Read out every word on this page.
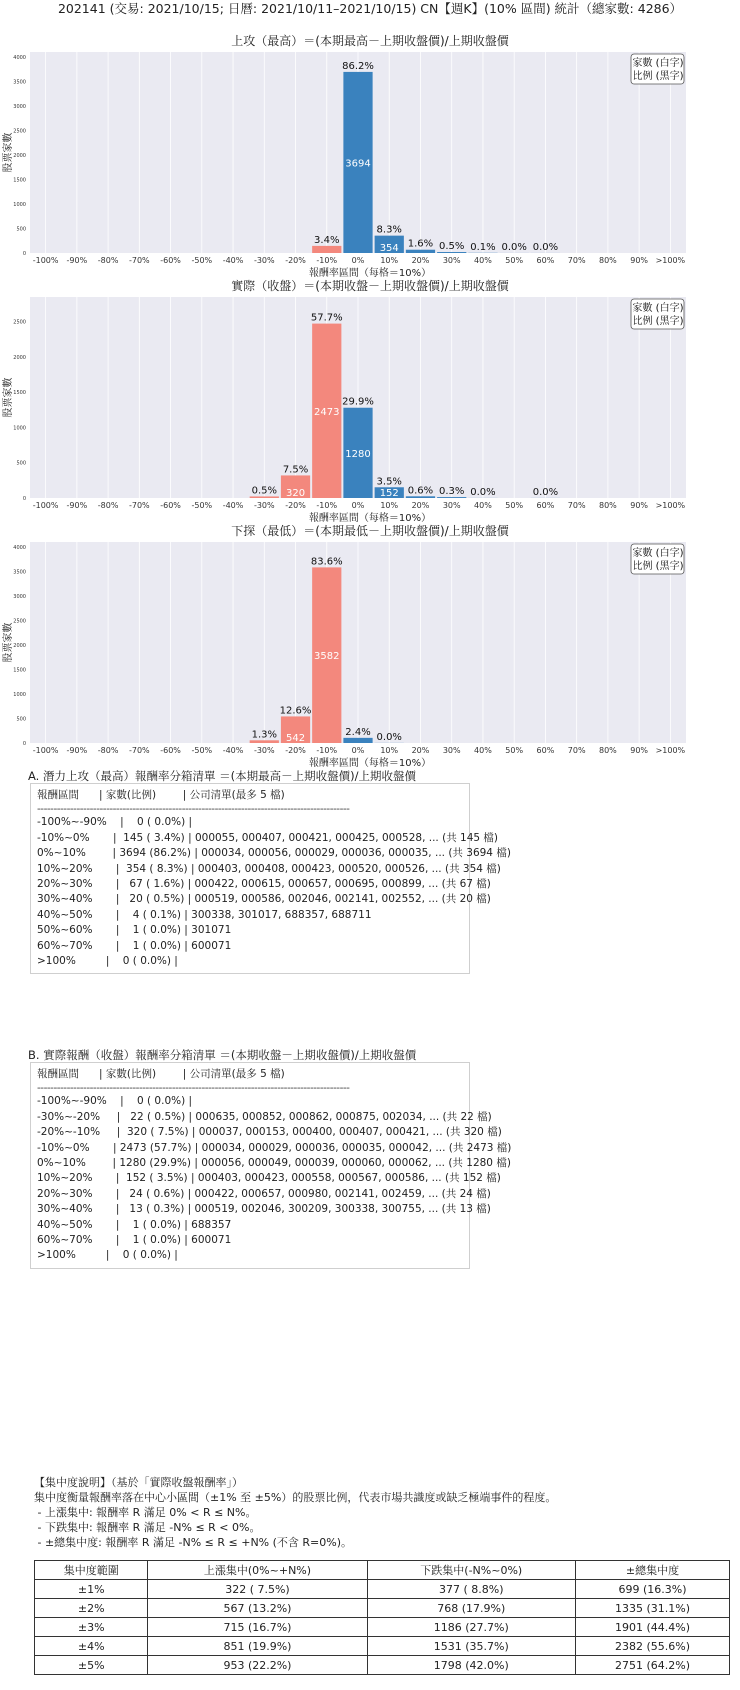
202141 (交易: 2021/10/15; 日曆: 2021/10/11–2021/10/15) CN【週K】(10% 區間) 統計（總家數: 4286）
上攻（最高）＝(本期最高－上期收盤價)/上期收盤價
0
500
1000
1500
2000
2500
3000
3500
4000
-100% -90% -80% -70% -60% -50% -40% -30% -20%
3.4%
-10%
3694
86.2%
0%
354
8.3%
10%
1.6%
20%
0.5%
30%
0.1%
40%
0.0%
50%
0.0%
60% 70% 80% 90% >100%
報酬率區間（每格＝10%）
股票家數
家數 (白字)
比例 (黑字)
實際（收盤）＝(本期收盤－上期收盤價)/上期收盤價
0
500
1000
1500
2000
2500
-100% -90% -80% -70% -60% -50% -40%
0.5%
-30%
320
7.5%
-20%
2473
57.7%
-10%
1280
29.9%
0%
152
3.5%
10%
0.6%
20%
0.3%
30%
0.0%
40% 50%
0.0%
60% 70% 80% 90% >100%
報酬率區間（每格＝10%）
股票家數
家數 (白字)
比例 (黑字)
下探（最低）＝(本期最低－上期收盤價)/上期收盤價
0
500
1000
1500
2000
2500
3000
3500
4000
-100% -90% -80% -70% -60% -50% -40%
1.3%
-30%
542
12.6%
-20%
3582
83.6%
-10%
2.4%
0%
0.0%
10% 20% 30% 40% 50% 60% 70% 80% 90% >100%
報酬率區間（每格＝10%）
股票家數
家數 (白字)
比例 (黑字)
A. 潛力上攻（最高）報酬率分箱清單 ＝(本期最高－上期收盤價)/上期收盤價
報酬區間      | 家數(比例)        | 公司清單(最多 5 檔)
-----------------------------------------------------------------------------------------------
-100%~-90%    |    0 ( 0.0%) |
-10%~0%       |  145 ( 3.4%) | 000055, 000407, 000421, 000425, 000528, ... (共 145 檔)
0%~10%        | 3694 (86.2%) | 000034, 000056, 000029, 000036, 000035, ... (共 3694 檔)
10%~20%       |  354 ( 8.3%) | 000403, 000408, 000423, 000520, 000526, ... (共 354 檔)
20%~30%       |   67 ( 1.6%) | 000422, 000615, 000657, 000695, 000899, ... (共 67 檔)
30%~40%       |   20 ( 0.5%) | 000519, 000586, 002046, 002141, 002552, ... (共 20 檔)
40%~50%       |    4 ( 0.1%) | 300338, 301017, 688357, 688711
50%~60%       |    1 ( 0.0%) | 301071
60%~70%       |    1 ( 0.0%) | 600071
>100%         |    0 ( 0.0%) |
B. 實際報酬（收盤）報酬率分箱清單 ＝(本期收盤－上期收盤價)/上期收盤價
報酬區間      | 家數(比例)        | 公司清單(最多 5 檔)
-----------------------------------------------------------------------------------------------
-100%~-90%    |    0 ( 0.0%) |
-30%~-20%     |   22 ( 0.5%) | 000635, 000852, 000862, 000875, 002034, ... (共 22 檔)
-20%~-10%     |  320 ( 7.5%) | 000037, 000153, 000400, 000407, 000421, ... (共 320 檔)
-10%~0%       | 2473 (57.7%) | 000034, 000029, 000036, 000035, 000042, ... (共 2473 檔)
0%~10%        | 1280 (29.9%) | 000056, 000049, 000039, 000060, 000062, ... (共 1280 檔)
10%~20%       |  152 ( 3.5%) | 000403, 000423, 000558, 000567, 000586, ... (共 152 檔)
20%~30%       |   24 ( 0.6%) | 000422, 000657, 000980, 002141, 002459, ... (共 24 檔)
30%~40%       |   13 ( 0.3%) | 000519, 002046, 300209, 300338, 300755, ... (共 13 檔)
40%~50%       |    1 ( 0.0%) | 688357
60%~70%       |    1 ( 0.0%) | 600071
>100%         |    0 ( 0.0%) |
【集中度說明】（基於「實際收盤報酬率」）
集中度衡量報酬率落在中心小區間（±1% 至 ±5%）的股票比例，代表市場共識度或缺乏極端事件的程度。
- 上漲集中: 報酬率 R 滿足 0% < R ≤ N%。
- 下跌集中: 報酬率 R 滿足 -N% ≤ R < 0%。
- ±總集中度: 報酬率 R 滿足 -N% ≤ R ≤ +N% (不含 R=0%)。
集中度範圍	上漲集中(0%~+N%)	下跌集中(-N%~0%)	±總集中度
±1%	322 ( 7.5%)	377 ( 8.8%)	699 (16.3%)
±2%	567 (13.2%)	768 (17.9%)	1335 (31.1%)
±3%	715 (16.7%)	1186 (27.7%)	1901 (44.4%)
±4%	851 (19.9%)	1531 (35.7%)	2382 (55.6%)
±5%	953 (22.2%)	1798 (42.0%)	2751 (64.2%)
